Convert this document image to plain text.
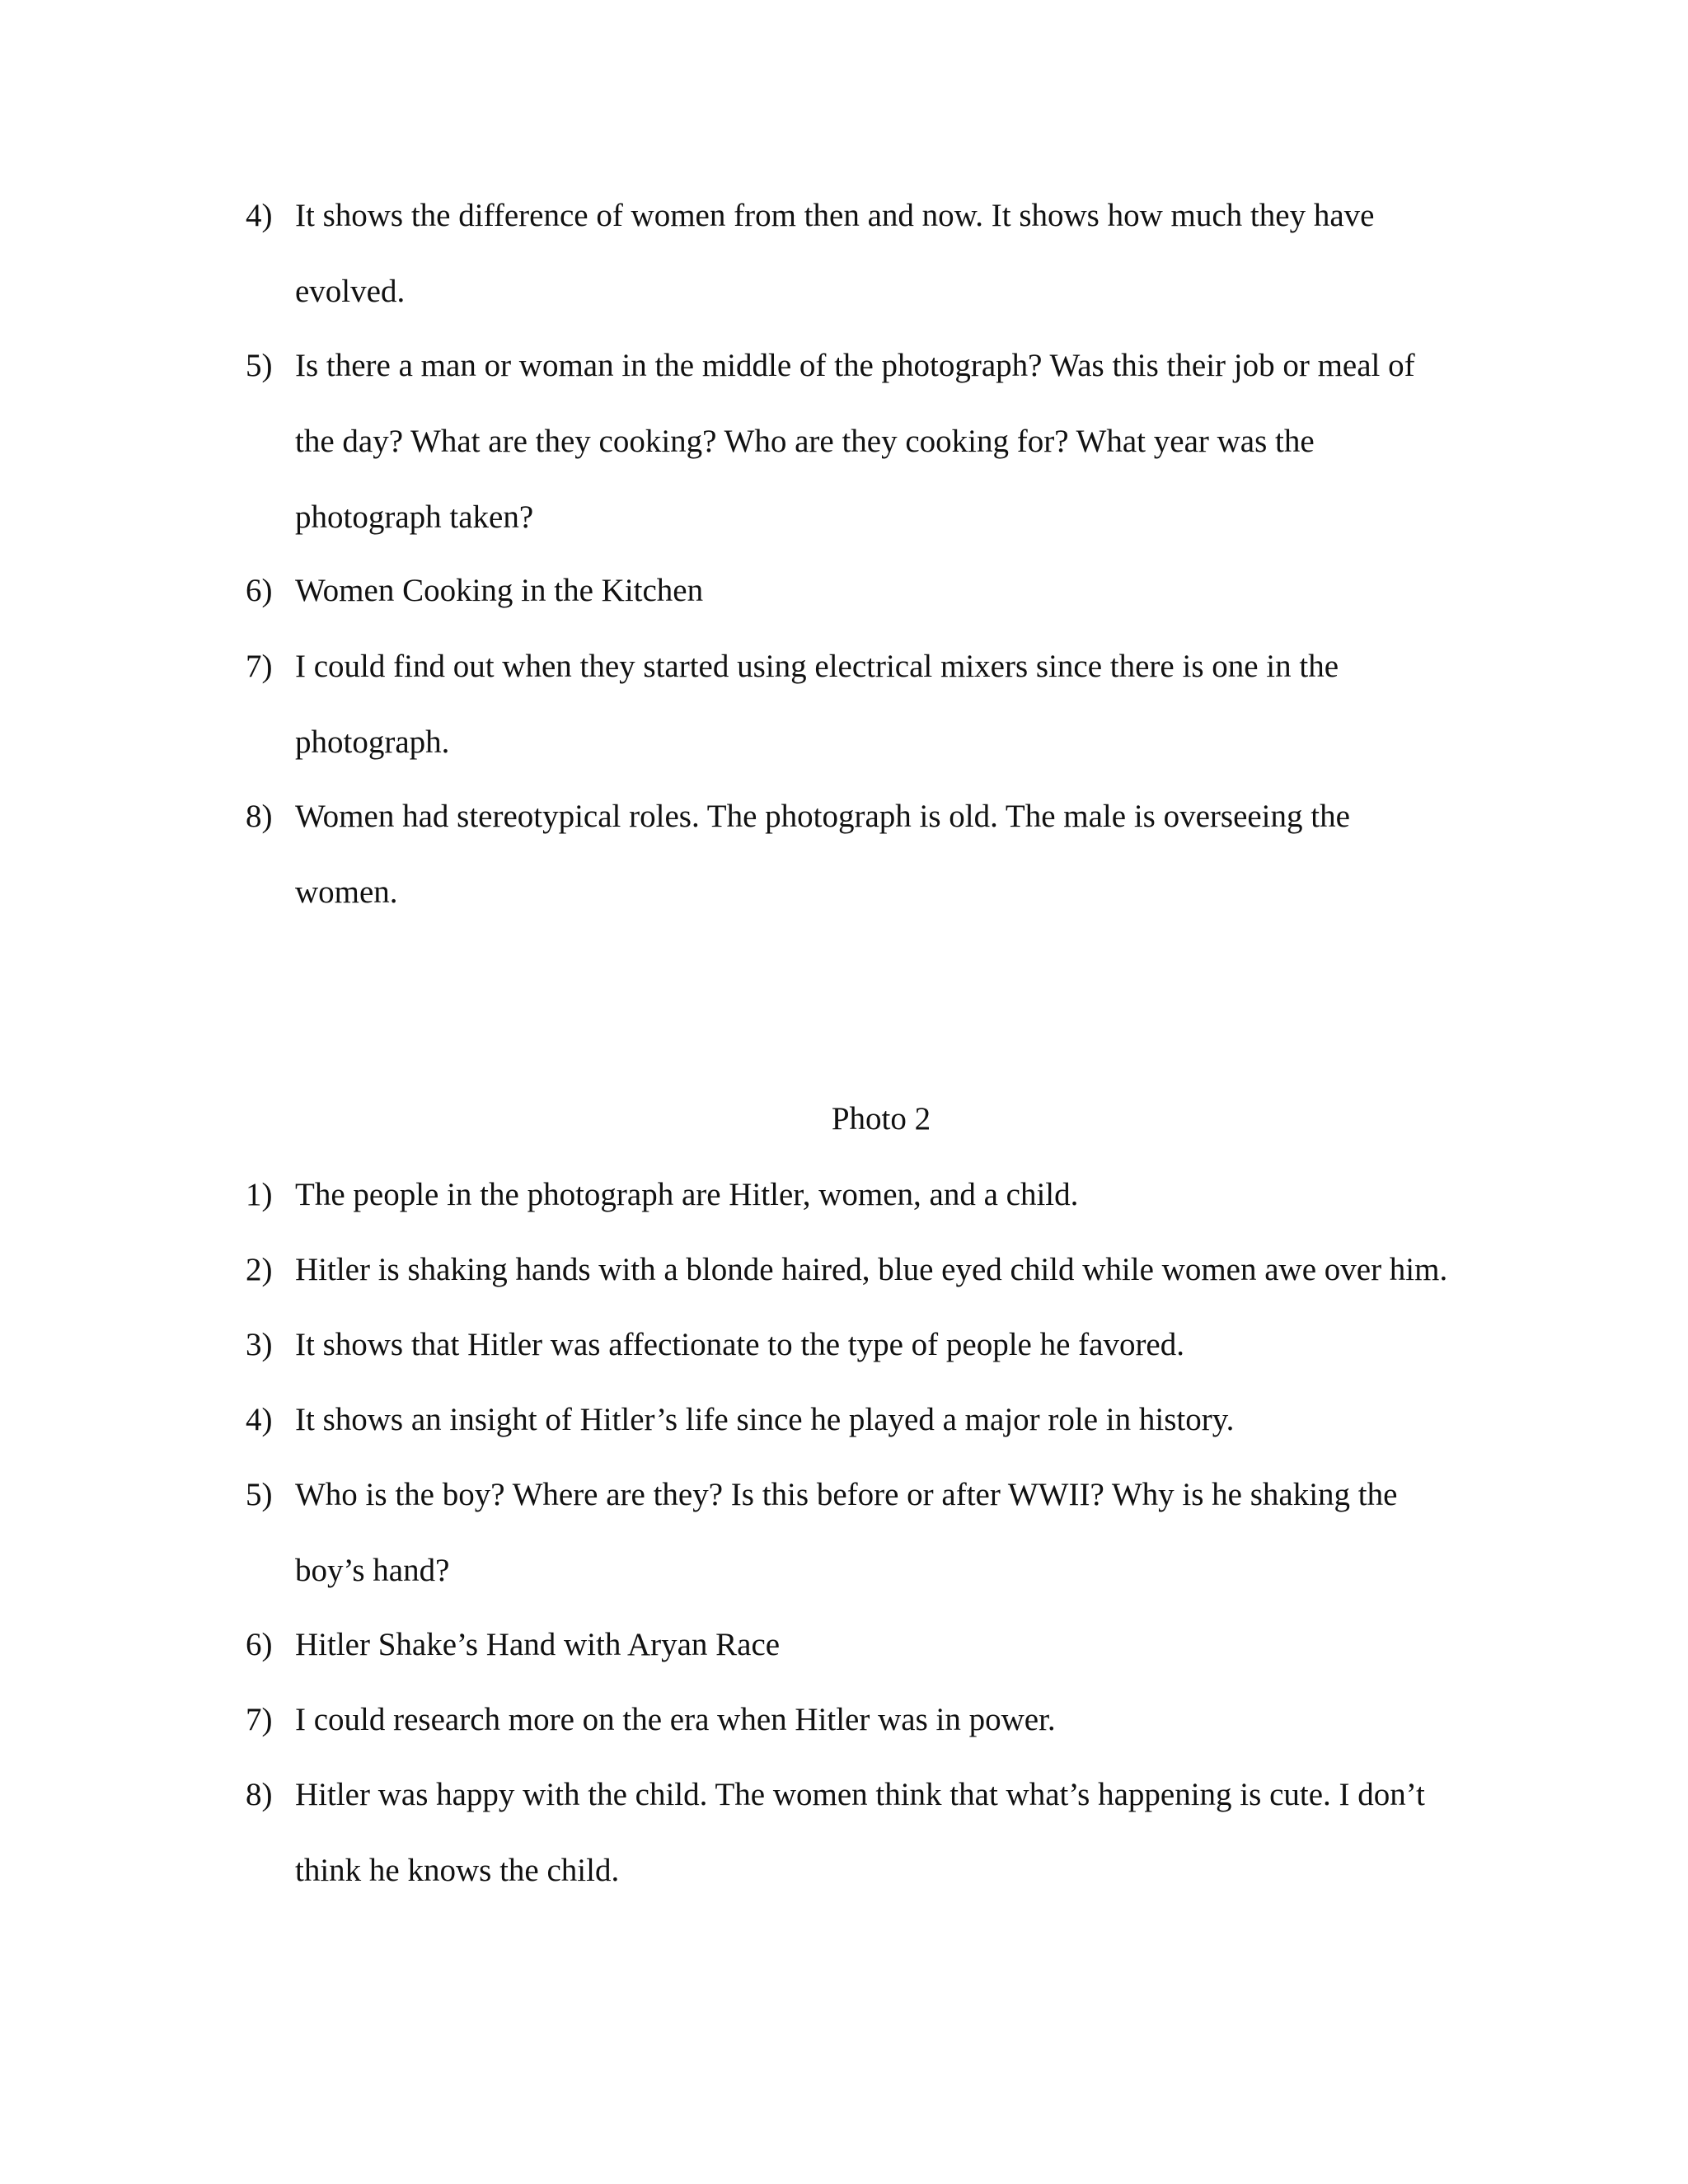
4) It shows the difference of women from then and now. It shows how much they have
evolved.
5) Is there a man or woman in the middle of the photograph? Was this their job or meal of
the day? What are they cooking? Who are they cooking for? What year was the
photograph taken?
6) Women Cooking in the Kitchen
7) I could find out when they started using electrical mixers since there is one in the
photograph.
8) Women had stereotypical roles. The photograph is old. The male is overseeing the
women.
Photo 2
1) The people in the photograph are Hitler, women, and a child.
2) Hitler is shaking hands with a blonde haired, blue eyed child while women awe over him.
3) It shows that Hitler was affectionate to the type of people he favored.
4) It shows an insight of Hitler’s life since he played a major role in history.
5) Who is the boy? Where are they? Is this before or after WWII? Why is he shaking the
boy’s hand?
6) Hitler Shake’s Hand with Aryan Race
7) I could research more on the era when Hitler was in power.
8) Hitler was happy with the child. The women think that what’s happening is cute. I don’t
think he knows the child.
